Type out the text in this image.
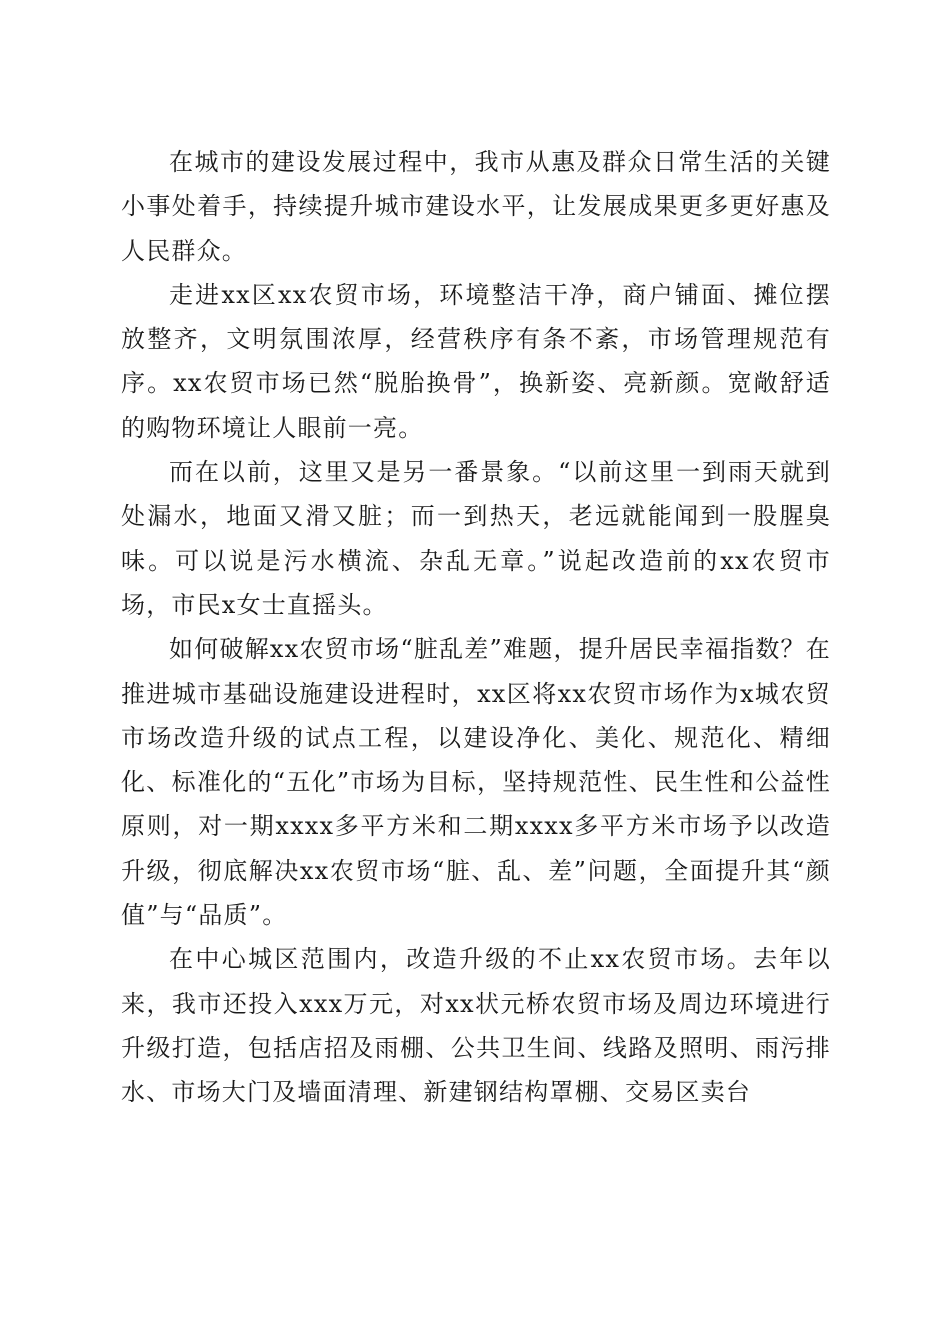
在城市的建设发展过程中，我市从惠及群众日常生活的关键小事处着手，持续提升城市建设水平，让发展成果更多更好惠及人民群众。

走进xx区xx农贸市场，环境整洁干净，商户铺面、摊位摆放整齐，文明氛围浓厚，经营秩序有条不紊，市场管理规范有序。xx农贸市场已然“脱胎换骨”，换新姿、亮新颜。宽敞舒适的购物环境让人眼前一亮。

而在以前，这里又是另一番景象。“以前这里一到雨天就到处漏水，地面又滑又脏；而一到热天，老远就能闻到一股腥臭味。可以说是污水横流、杂乱无章。”说起改造前的xx农贸市场，市民x女士直摇头。

如何破解xx农贸市场“脏乱差”难题，提升居民幸福指数？在推进城市基础设施建设进程时，xx区将xx农贸市场作为x城农贸市场改造升级的试点工程，以建设净化、美化、规范化、精细化、标准化的“五化”市场为目标，坚持规范性、民生性和公益性原则，对一期xxxx多平方米和二期xxxx多平方米市场予以改造升级，彻底解决xx农贸市场“脏、乱、差”问题，全面提升其“颜值”与“品质”。

在中心城区范围内，改造升级的不止xx农贸市场。去年以来，我市还投入xxx万元，对xx状元桥农贸市场及周边环境进行升级打造，包括店招及雨棚、公共卫生间、线路及照明、雨污排水、市场大门及墙面清理、新建钢结构罩棚、交易区卖台
